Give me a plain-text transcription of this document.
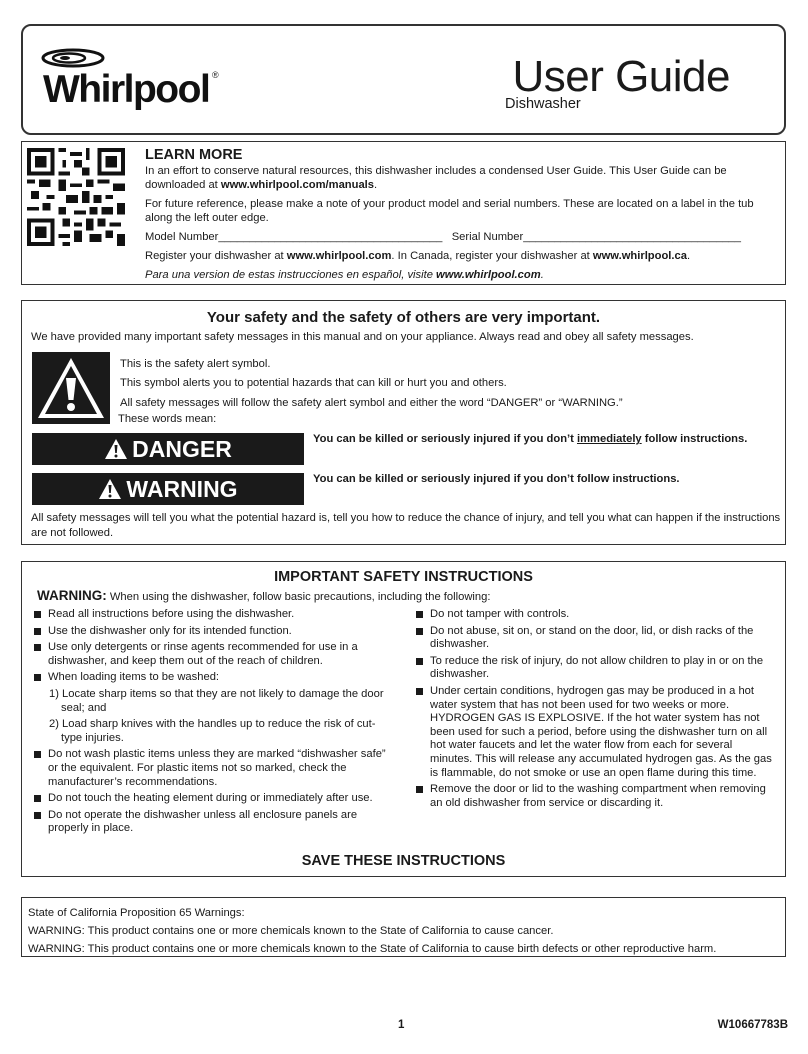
Whirlpool ®	User Guide
Dishwasher
LEARN MORE

In an effort to conserve natural resources, this dishwasher includes a condensed User Guide. This User Guide can be downloaded at www.whirlpool.com/manuals.

For future reference, please make a note of your product model and serial numbers. These are located on a label in the tub along the left outer edge.

Model Number____________________________________ Serial Number___________________________________

Register your dishwasher at www.whirlpool.com. In Canada, register your dishwasher at www.whirlpool.ca.

Para una version de estas instrucciones en español, visite www.whirlpool.com.

Your safety and the safety of others are very important.
We have provided many important safety messages in this manual and on your appliance. Always read and obey all safety messages.
This is the safety alert symbol.
This symbol alerts you to potential hazards that can kill or hurt you and others.
All safety messages will follow the safety alert symbol and either the word “DANGER” or “WARNING.”
These words mean:
DANGER	You can be killed or seriously injured if you don’t immediately follow instructions.
WARNING	You can be killed or seriously injured if you don’t follow instructions.
All safety messages will tell you what the potential hazard is, tell you how to reduce the chance of injury, and tell you what can happen if the instructions are not followed.
IMPORTANT SAFETY INSTRUCTIONS
WARNING: When using the dishwasher, follow basic precautions, including the following:
Read all instructions before using the dishwasher.
Use the dishwasher only for its intended function.
Use only detergents or rinse agents recommended for use in a dishwasher, and keep them out of the reach of children.
When loading items to be washed:
1) Locate sharp items so that they are not likely to damage the door seal; and
2) Load sharp knives with the handles up to reduce the risk of cut-type injuries.
Do not wash plastic items unless they are marked “dishwasher safe” or the equivalent. For plastic items not so marked, check the manufacturer’s recommendations.
Do not touch the heating element during or immediately after use.
Do not operate the dishwasher unless all enclosure panels are properly in place.
Do not tamper with controls.
Do not abuse, sit on, or stand on the door, lid, or dish racks of the dishwasher.
To reduce the risk of injury, do not allow children to play in or on the dishwasher.
Under certain conditions, hydrogen gas may be produced in a hot water system that has not been used for two weeks or more. HYDROGEN GAS IS EXPLOSIVE. If the hot water system has not been used for such a period, before using the dishwasher turn on all hot water faucets and let the water flow from each for several minutes. This will release any accumulated hydrogen gas. As the gas is flammable, do not smoke or use an open flame during this time.
Remove the door or lid to the washing compartment when removing an old dishwasher from service or discarding it.
SAVE THESE INSTRUCTIONS
State of California Proposition 65 Warnings:
WARNING: This product contains one or more chemicals known to the State of California to cause cancer.
WARNING: This product contains one or more chemicals known to the State of California to cause birth defects or other reproductive harm.
1	W10667783B
